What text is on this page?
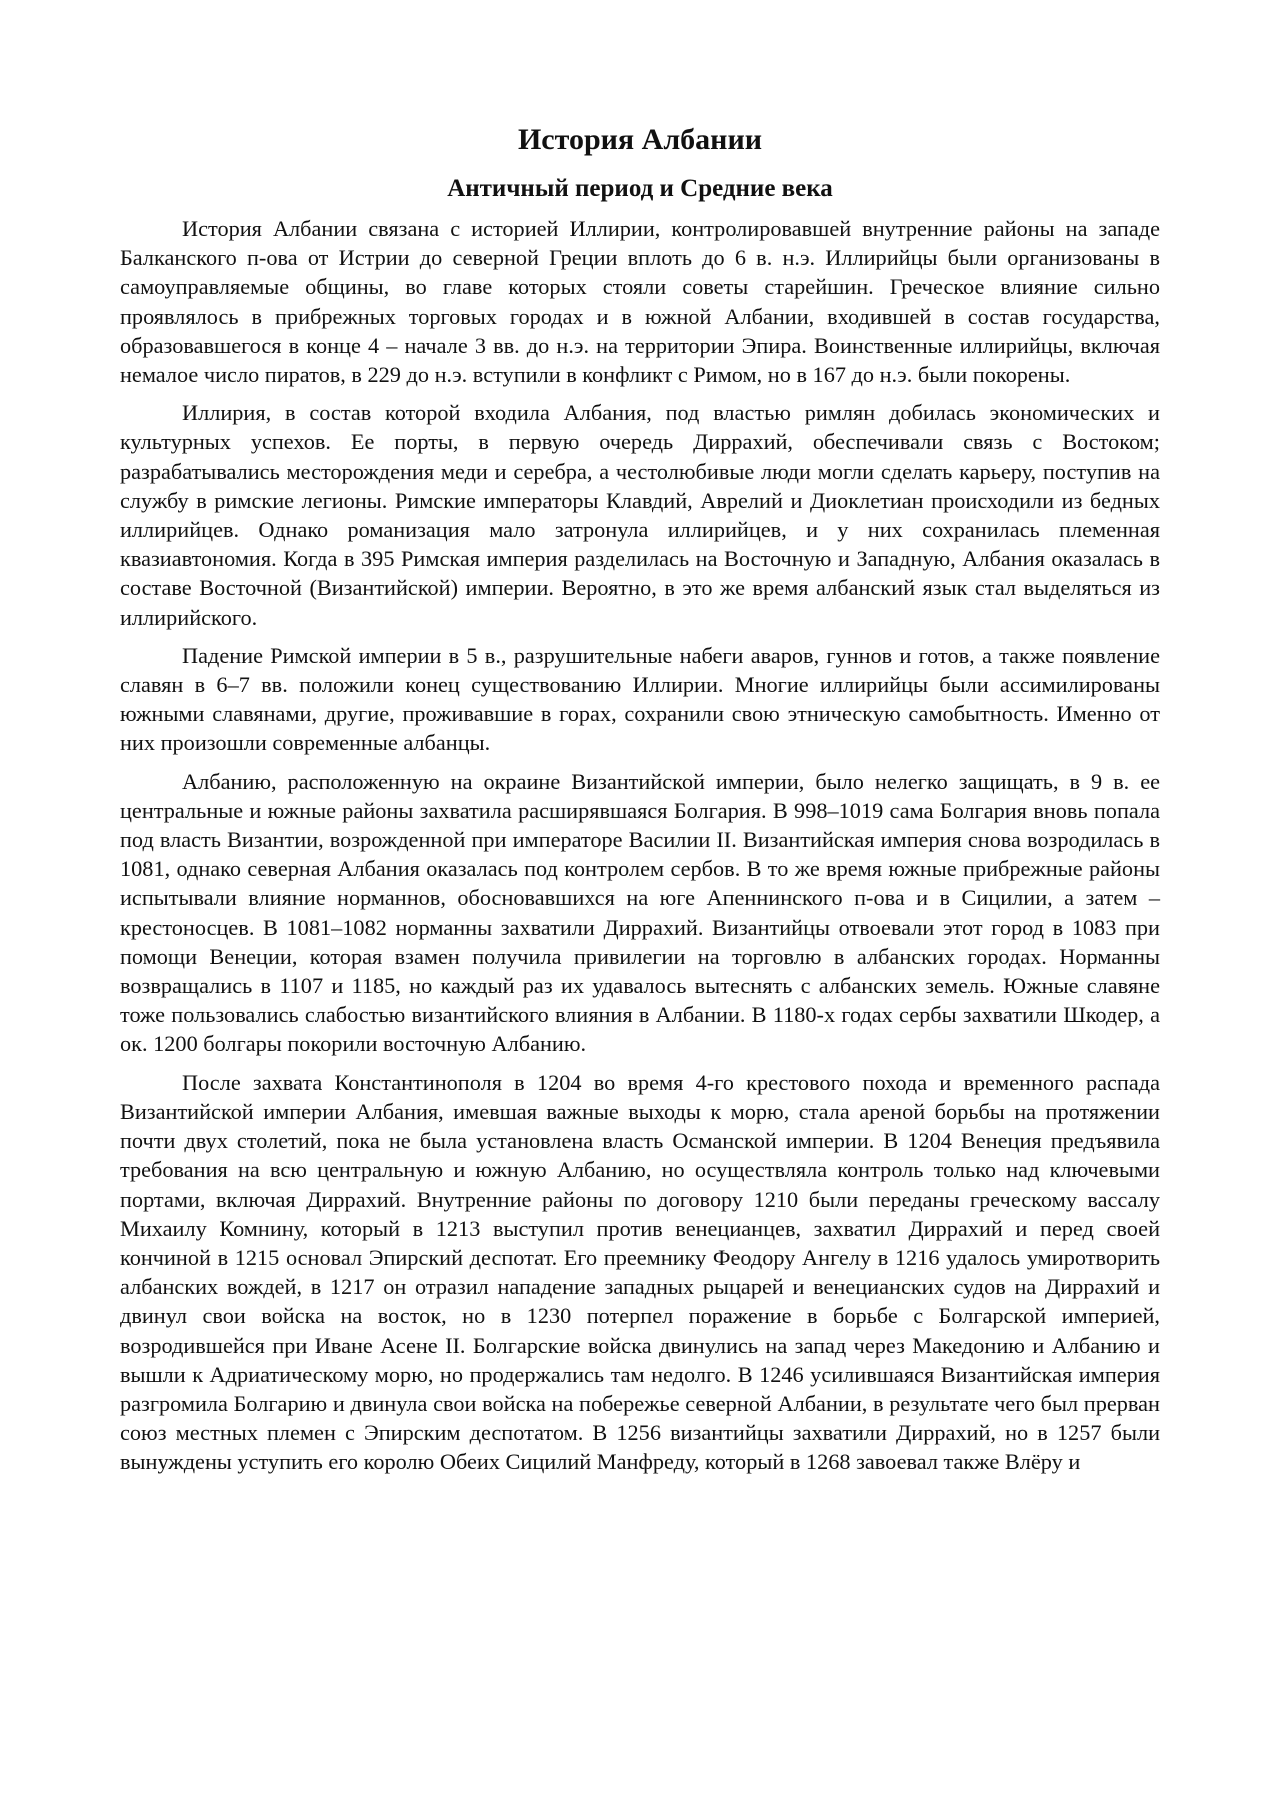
История Албании
Античный период и Средние века

История Албании связана с историей Иллирии, контролировавшей внутренние районы на западе Балканского п-ова от Истрии до северной Греции вплоть до 6 в. н.э. Иллирийцы были организованы в самоуправляемые общины, во главе которых стояли советы старейшин. Греческое влияние сильно проявлялось в прибрежных торговых городах и в южной Албании, входившей в состав государства, образовавшегося в конце 4 – начале 3 вв. до н.э. на территории Эпира. Воинственные иллирийцы, включая немалое число пиратов, в 229 до н.э. вступили в конфликт с Римом, но в 167 до н.э. были покорены.

Иллирия, в состав которой входила Албания, под властью римлян добилась экономических и культурных успехов. Ее порты, в первую очередь Диррахий, обеспечивали связь с Востоком; разрабатывались месторождения меди и серебра, а честолюбивые люди могли сделать карьеру, поступив на службу в римские легионы. Римские императоры Клавдий, Аврелий и Диоклетиан происходили из бедных иллирийцев. Однако романизация мало затронула иллирийцев, и у них сохранилась племенная квазиавтономия. Когда в 395 Римская империя разделилась на Восточную и Западную, Албания оказалась в составе Восточной (Византийской) империи. Вероятно, в это же время албанский язык стал выделяться из иллирийского.

Падение Римской империи в 5 в., разрушительные набеги аваров, гуннов и готов, а также появление славян в 6–7 вв. положили конец существованию Иллирии. Многие иллирийцы были ассимилированы южными славянами, другие, проживавшие в горах, сохранили свою этническую самобытность. Именно от них произошли современные албанцы.

Албанию, расположенную на окраине Византийской империи, было нелегко защищать, в 9 в. ее центральные и южные районы захватила расширявшаяся Болгария. В 998–1019 сама Болгария вновь попала под власть Византии, возрожденной при императоре Василии II. Византийская империя снова возродилась в 1081, однако северная Албания оказалась под контролем сербов. В то же время южные прибрежные районы испытывали влияние норманнов, обосновавшихся на юге Апеннинского п-ова и в Сицилии, а затем – крестоносцев. В 1081–1082 норманны захватили Диррахий. Византийцы отвоевали этот город в 1083 при помощи Венеции, которая взамен получила привилегии на торговлю в албанских городах. Норманны возвращались в 1107 и 1185, но каждый раз их удавалось вытеснять с албанских земель. Южные славяне тоже пользовались слабостью византийского влияния в Албании. В 1180-х годах сербы захватили Шкодер, а ок. 1200 болгары покорили восточную Албанию.

После захвата Константинополя в 1204 во время 4-го крестового похода и временного распада Византийской империи Албания, имевшая важные выходы к морю, стала ареной борьбы на протяжении почти двух столетий, пока не была установлена власть Османской империи. В 1204 Венеция предъявила требования на всю центральную и южную Албанию, но осуществляла контроль только над ключевыми портами, включая Диррахий. Внутренние районы по договору 1210 были переданы греческому вассалу Михаилу Комнину, который в 1213 выступил против венецианцев, захватил Диррахий и перед своей кончиной в 1215 основал Эпирский деспотат. Его преемнику Феодору Ангелу в 1216 удалось умиротворить албанских вождей, в 1217 он отразил нападение западных рыцарей и венецианских судов на Диррахий и двинул свои войска на восток, но в 1230 потерпел поражение в борьбе с Болгарской империей, возродившейся при Иване Асене II. Болгарские войска двинулись на запад через Македонию и Албанию и вышли к Адриатическому морю, но продержались там недолго. В 1246 усилившаяся Византийская империя разгромила Болгарию и двинула свои войска на побережье северной Албании, в результате чего был прерван союз местных племен с Эпирским деспотатом. В 1256 византийцы захватили Диррахий, но в 1257 были вынуждены уступить его королю Обеих Сицилий Манфреду, который в 1268 завоевал также Влёру и
